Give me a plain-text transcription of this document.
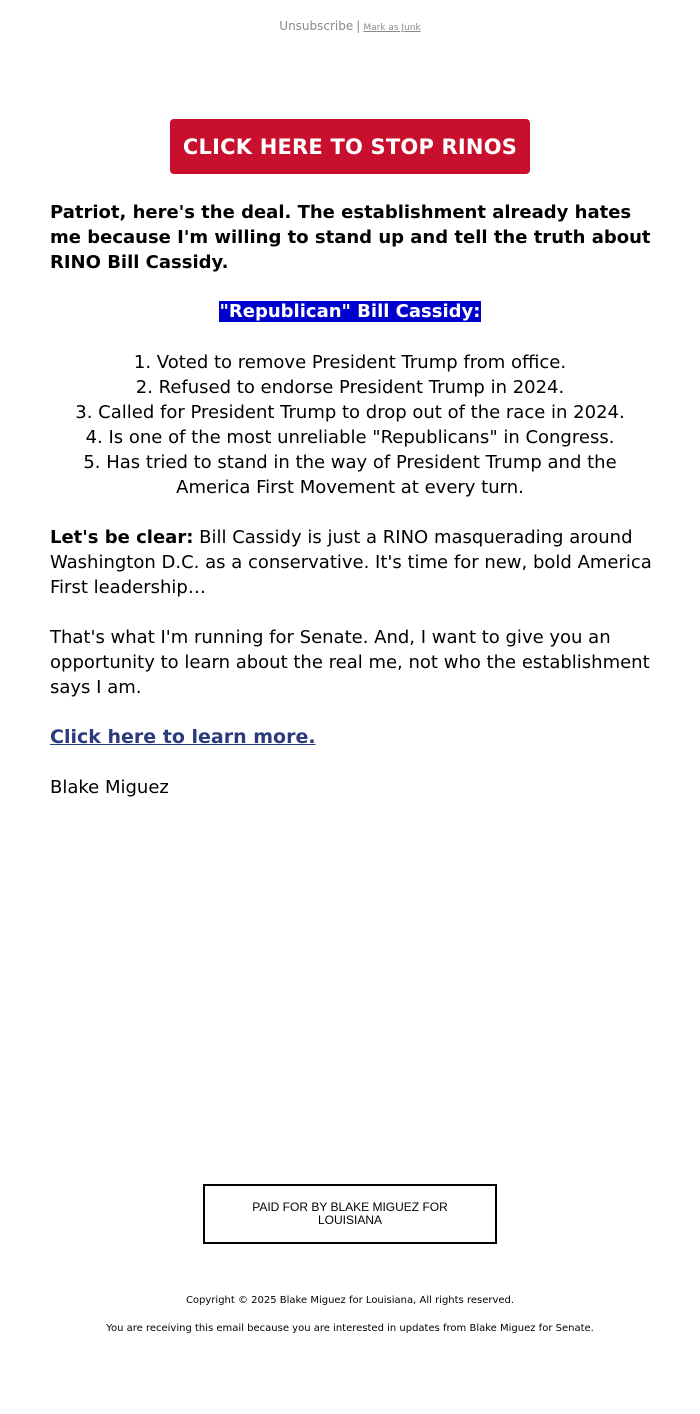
Unsubscribe | Mark as Junk
CLICK HERE TO STOP RINOS
Patriot, here's the deal. The establishment already hates me because I'm willing to stand up and tell the truth about RINO Bill Cassidy.
"Republican" Bill Cassidy:
1. Voted to remove President Trump from office.
2. Refused to endorse President Trump in 2024.
3. Called for President Trump to drop out of the race in 2024.
4. Is one of the most unreliable "Republicans" in Congress.
5. Has tried to stand in the way of President Trump and the America First Movement at every turn.
Let's be clear: Bill Cassidy is just a RINO masquerading around Washington D.C. as a conservative. It's time for new, bold America First leadership…
That's what I'm running for Senate. And, I want to give you an opportunity to learn about the real me, not who the establishment says I am.
Click here to learn more.
Blake Miguez
PAID FOR BY BLAKE MIGUEZ FOR LOUISIANA
Copyright © 2025 Blake Miguez for Louisiana, All rights reserved.
You are receiving this email because you are interested in updates from Blake Miguez for Senate.
